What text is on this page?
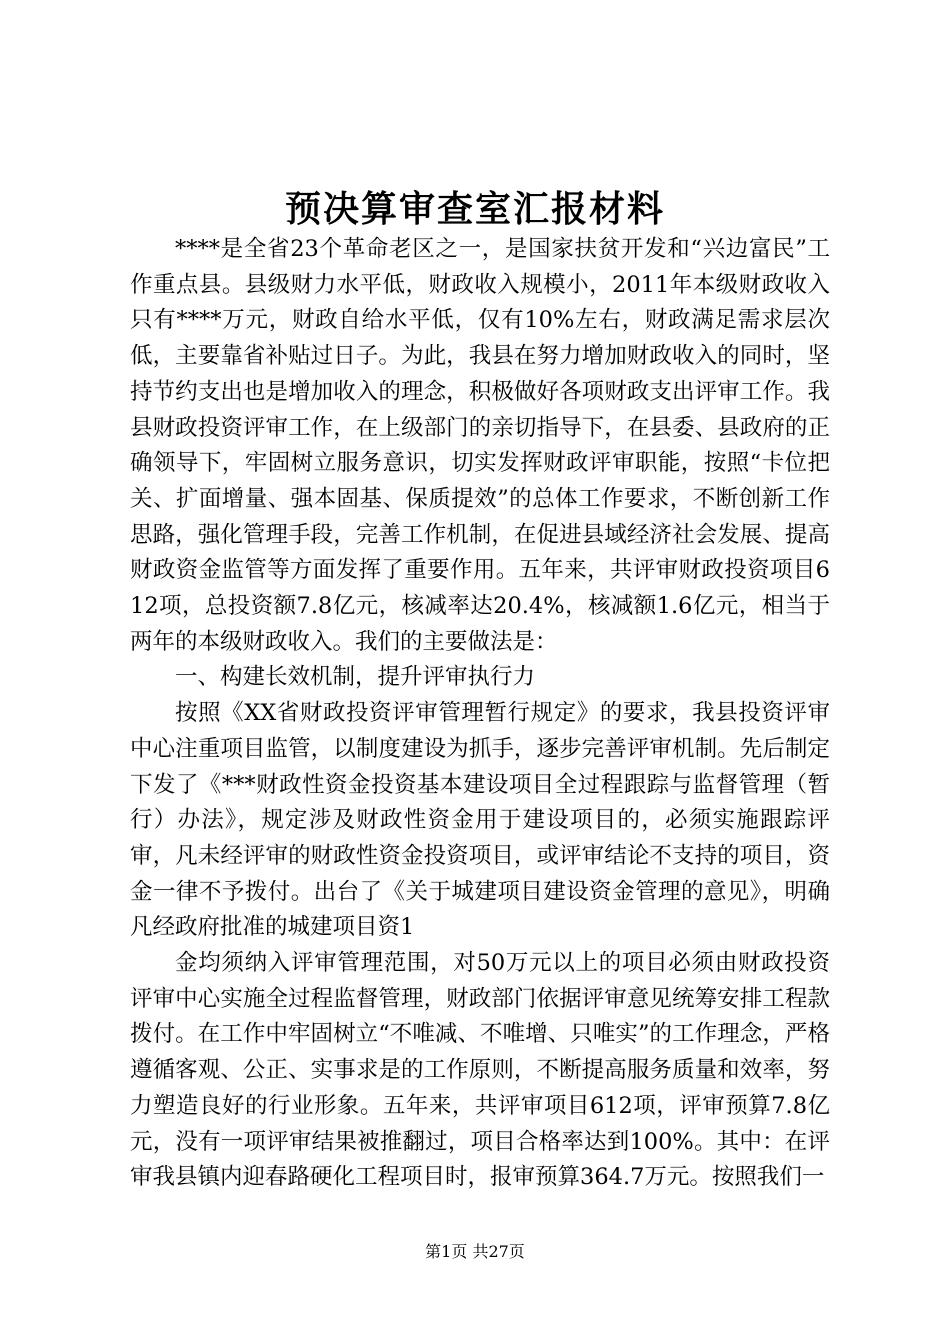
预决算审查室汇报材料

****是全省23个革命老区之一，是国家扶贫开发和“兴边富民”工作重点县。县级财力水平低，财政收入规模小，2011年本级财政收入只有****万元，财政自给水平低，仅有10%左右，财政满足需求层次低，主要靠省补贴过日子。为此，我县在努力增加财政收入的同时，坚持节约支出也是增加收入的理念，积极做好各项财政支出评审工作。我县财政投资评审工作，在上级部门的亲切指导下，在县委、县政府的正确领导下，牢固树立服务意识，切实发挥财政评审职能，按照“卡位把关、扩面增量、强本固基、保质提效”的总体工作要求，不断创新工作思路，强化管理手段，完善工作机制，在促进县域经济社会发展、提高财政资金监管等方面发挥了重要作用。五年来，共评审财政投资项目612项，总投资额7.8亿元，核减率达20.4%，核减额1.6亿元，相当于两年的本级财政收入。我们的主要做法是：

一、构建长效机制，提升评审执行力

按照《XX省财政投资评审管理暂行规定》的要求，我县投资评审中心注重项目监管，以制度建设为抓手，逐步完善评审机制。先后制定下发了《***财政性资金投资基本建设项目全过程跟踪与监督管理（暂行）办法》，规定涉及财政性资金用于建设项目的，必须实施跟踪评审，凡未经评审的财政性资金投资项目，或评审结论不支持的项目，资金一律不予拨付。出台了《关于城建项目建设资金管理的意见》，明确凡经政府批准的城建项目资1

金均须纳入评审管理范围，对50万元以上的项目必须由财政投资评审中心实施全过程监督管理，财政部门依据评审意见统筹安排工程款拨付。在工作中牢固树立“不唯减、不唯增、只唯实”的工作理念，严格遵循客观、公正、实事求是的工作原则，不断提高服务质量和效率，努力塑造良好的行业形象。五年来，共评审项目612项，评审预算7.8亿元，没有一项评审结果被推翻过，项目合格率达到100%。其中：在评审我县镇内迎春路硬化工程项目时，报审预算364.7万元。按照我们一

第1页 共27页
